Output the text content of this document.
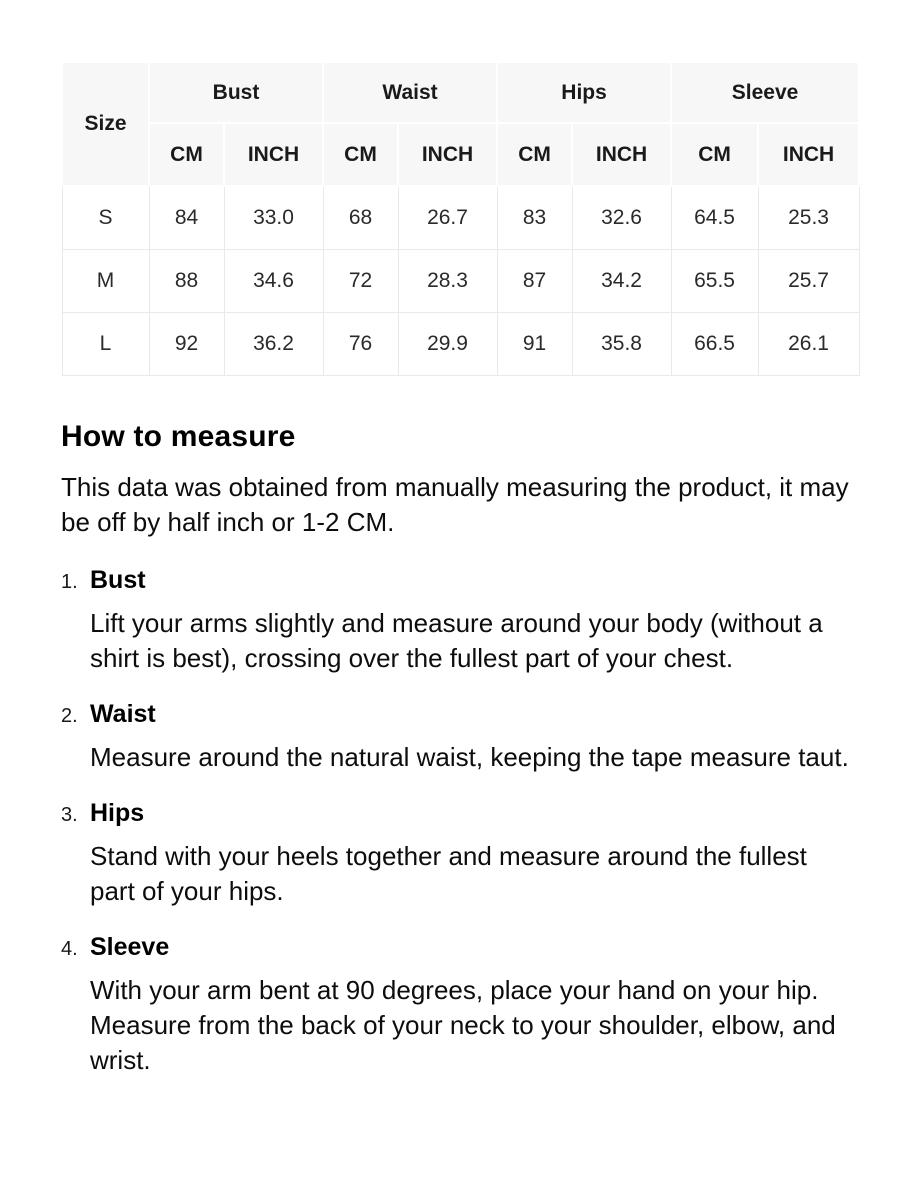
Size	Bust		Waist		Hips		Sleeve	
	CM	INCH	CM	INCH	CM	INCH	CM	INCH
S	84	33.0	68	26.7	83	32.6	64.5	25.3
M	88	34.6	72	28.3	87	34.2	65.5	25.7
L	92	36.2	76	29.9	91	35.8	66.5	26.1
How to measure

This data was obtained from manually measuring the product, it may be off by half inch or 1-2 CM.

1. Bust

Lift your arms slightly and measure around your body (without a shirt is best), crossing over the fullest part of your chest.

2. Waist

Measure around the natural waist, keeping the tape measure taut.

3. Hips

Stand with your heels together and measure around the fullest part of your hips.

4. Sleeve

With your arm bent at 90 degrees, place your hand on your hip. Measure from the back of your neck to your shoulder, elbow, and wrist.
